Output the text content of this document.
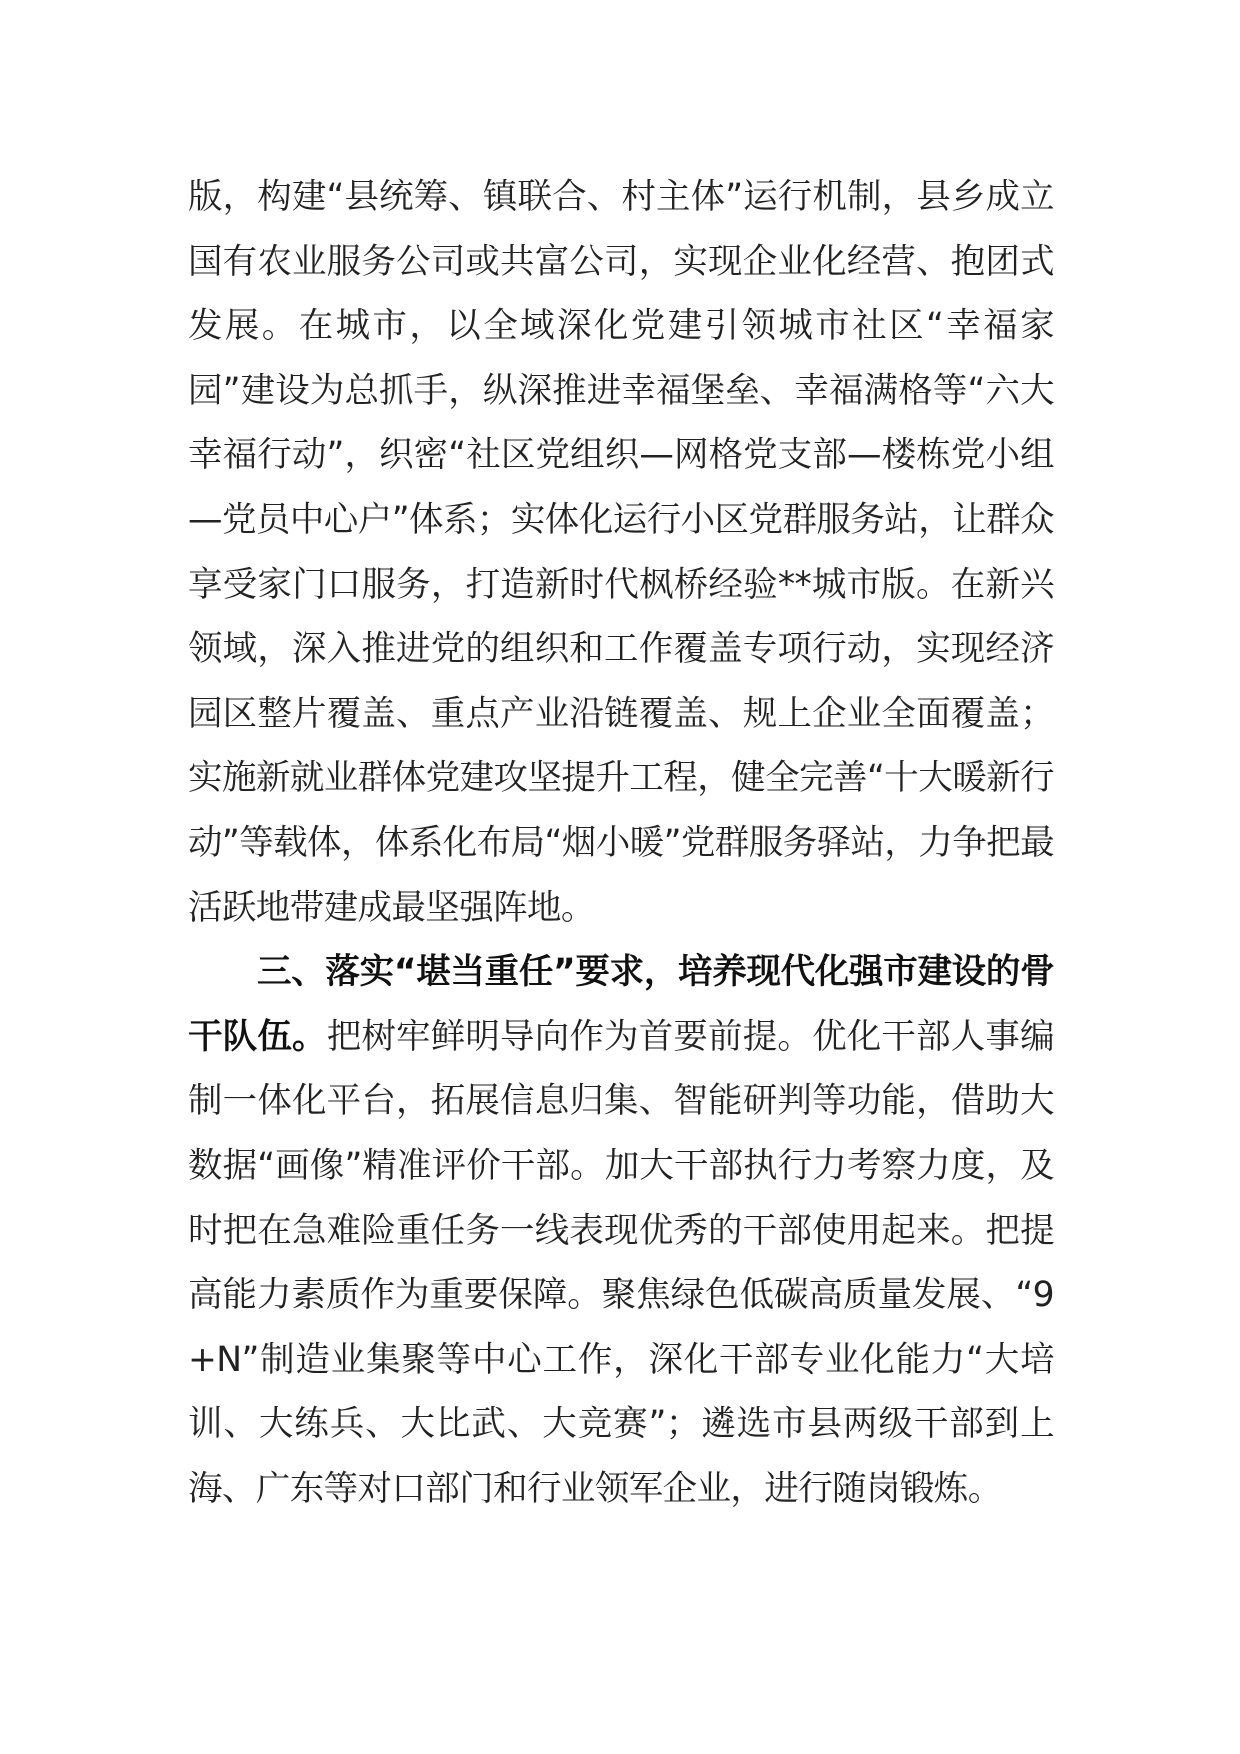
版，构建“县统筹、镇联合、村主体”运行机制，县乡成立国有农业服务公司或共富公司，实现企业化经营、抱团式发展。在城市，以全域深化党建引领城市社区“幸福家园”建设为总抓手，纵深推进幸福堡垒、幸福满格等“六大幸福行动”，织密“社区党组织—网格党支部—楼栋党小组—党员中心户”体系；实体化运行小区党群服务站，让群众享受家门口服务，打造新时代枫桥经验**城市版。在新兴领域，深入推进党的组织和工作覆盖专项行动，实现经济园区整片覆盖、重点产业沿链覆盖、规上企业全面覆盖；实施新就业群体党建攻坚提升工程，健全完善“十大暖新行动”等载体，体系化布局“烟小暖”党群服务驿站，力争把最活跃地带建成最坚强阵地。

三、落实“堪当重任”要求，培养现代化强市建设的骨干队伍。把树牢鲜明导向作为首要前提。优化干部人事编制一体化平台，拓展信息归集、智能研判等功能，借助大数据“画像”精准评价干部。加大干部执行力考察力度，及时把在急难险重任务一线表现优秀的干部使用起来。把提高能力素质作为重要保障。聚焦绿色低碳高质量发展、“9+N”制造业集聚等中心工作，深化干部专业化能力“大培训、大练兵、大比武、大竞赛”；遴选市县两级干部到上海、广东等对口部门和行业领军企业，进行随岗锻炼。
